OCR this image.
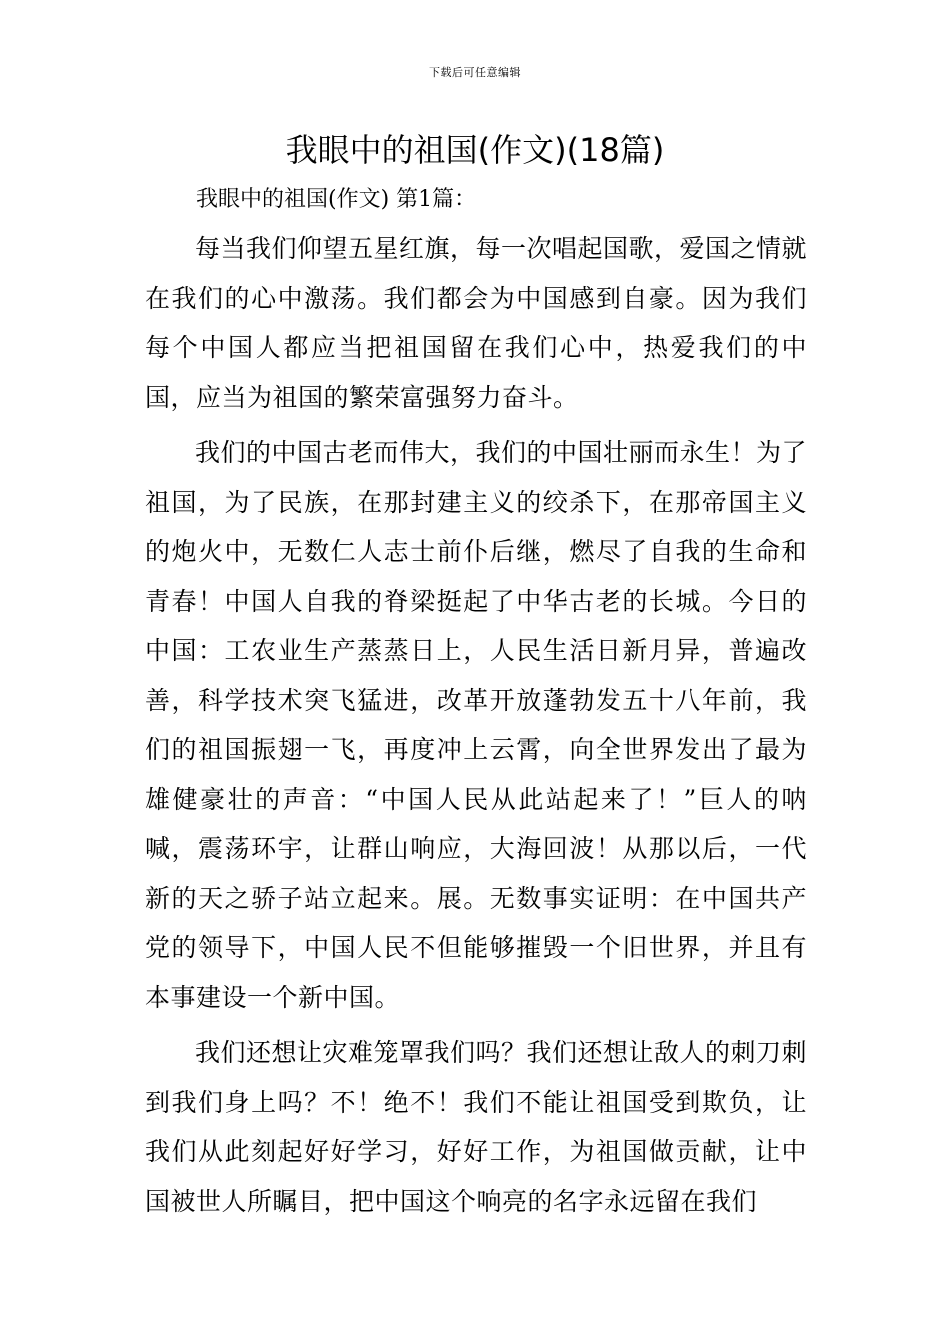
下载后可任意编辑
我眼中的祖国(作文)(18篇)
我眼中的祖国(作文) 第1篇：

每当我们仰望五星红旗，每一次唱起国歌，爱国之情就在我们的心中激荡。我们都会为中国感到自豪。因为我们每个中国人都应当把祖国留在我们心中，热爱我们的中国，应当为祖国的繁荣富强努力奋斗。

我们的中国古老而伟大，我们的中国壮丽而永生！为了祖国，为了民族，在那封建主义的绞杀下，在那帝国主义的炮火中，无数仁人志士前仆后继，燃尽了自我的生命和青春！中国人自我的脊梁挺起了中华古老的长城。今日的中国：工农业生产蒸蒸日上，人民生活日新月异，普遍改善，科学技术突飞猛进，改革开放蓬勃发五十八年前，我们的祖国振翅一飞，再度冲上云霄，向全世界发出了最为雄健豪壮的声音：“中国人民从此站起来了！”巨人的呐喊，震荡环宇，让群山响应，大海回波！从那以后，一代新的天之骄子站立起来。展。无数事实证明：在中国共产党的领导下，中国人民不但能够摧毁一个旧世界，并且有本事建设一个新中国。

我们还想让灾难笼罩我们吗？我们还想让敌人的刺刀刺到我们身上吗？不！绝不！我们不能让祖国受到欺负，让我们从此刻起好好学习，好好工作，为祖国做贡献，让中国被世人所瞩目，把中国这个响亮的名字永远留在我们
